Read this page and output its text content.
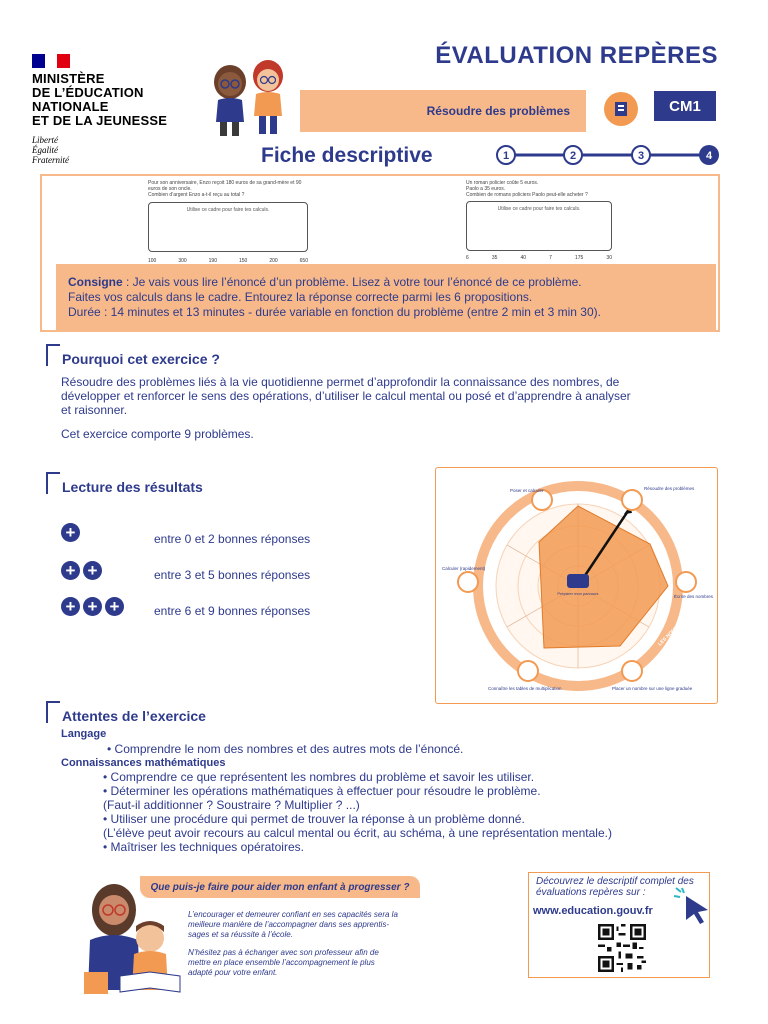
MINISTÈRE
DE L’ÉDUCATION
NATIONALE
ET DE LA JEUNESSE
Liberté
Égalité
Fraternité
ÉVALUATION REPÈRES
Résoudre des problèmes	CM1
Fiche descriptive	1	2	3	4
Pour son anniversaire, Enzo reçoit 180 euros de sa grand-mère et 90 euros de son oncle.
Combien d’argent Enzo a-t-il reçu au total ?
Utilise ce cadre pour faire tes calculs.
100	300	190	150	200	650
Un roman policier coûte 5 euros.
Paolo a 35 euros.
Combien de romans policiers Paolo peut-elle acheter ?
Utilise ce cadre pour faire tes calculs.
6	35	40	7	175	30
Consigne : Je vais vous lire l’énoncé d’un problème. Lisez à votre tour l’énoncé de ce problème.
Faites vos calculs dans le cadre. Entourez la réponse correcte parmi les 6 propositions.
Durée : 14 minutes et 13 minutes - durée variable en fonction du problème (entre 2 min et 3 min 30).
Pourquoi cet exercice ?
Résoudre des problèmes liés à la vie quotidienne permet d’approfondir la connaissance des nombres, de
développer et renforcer le sens des opérations, d’utiliser le calcul mental ou posé et d’apprendre à analyser
et raisonner.
Cet exercice comporte 9 problèmes.
Lecture des résultats
+	entre 0 et 2 bonnes réponses
+ +	entre 3 et 5 bonnes réponses
+ + +	entre 6 et 9 bonnes réponses
Poser et calculer	Résoudre des problèmes
Écrire des nombres
Placer un nombre sur une ligne graduée
Connaître les tables de multiplication
Calculer (rapidement)
Préparer mon parcours
LE CALCUL
LES NOMBRES
Attentes de l’exercice
Langage
• Comprendre le nom des nombres et des autres mots de l’énoncé.
Connaissances mathématiques
• Comprendre ce que représentent les nombres du problème et savoir les utiliser.
• Déterminer les opérations mathématiques à effectuer pour résoudre le problème.
(Faut-il additionner ? Soustraire ? Multiplier ? ...)
• Utiliser une procédure qui permet de trouver la réponse à un problème donné.
(L’élève peut avoir recours au calcul mental ou écrit, au schéma, à une représentation mentale.)
• Maîtriser les techniques opératoires.
Que puis-je faire pour aider mon enfant à progresser ?
L’encourager et demeurer confiant en ses capacités sera la
meilleure manière de l’accompagner dans ses apprentis-
sages et sa réussite à l’école.
N’hésitez pas à échanger avec son professeur afin de
mettre en place ensemble l’accompagnement le plus
adapté pour votre enfant.
Découvrez le descriptif complet des
évaluations repères sur :
www.education.gouv.fr
